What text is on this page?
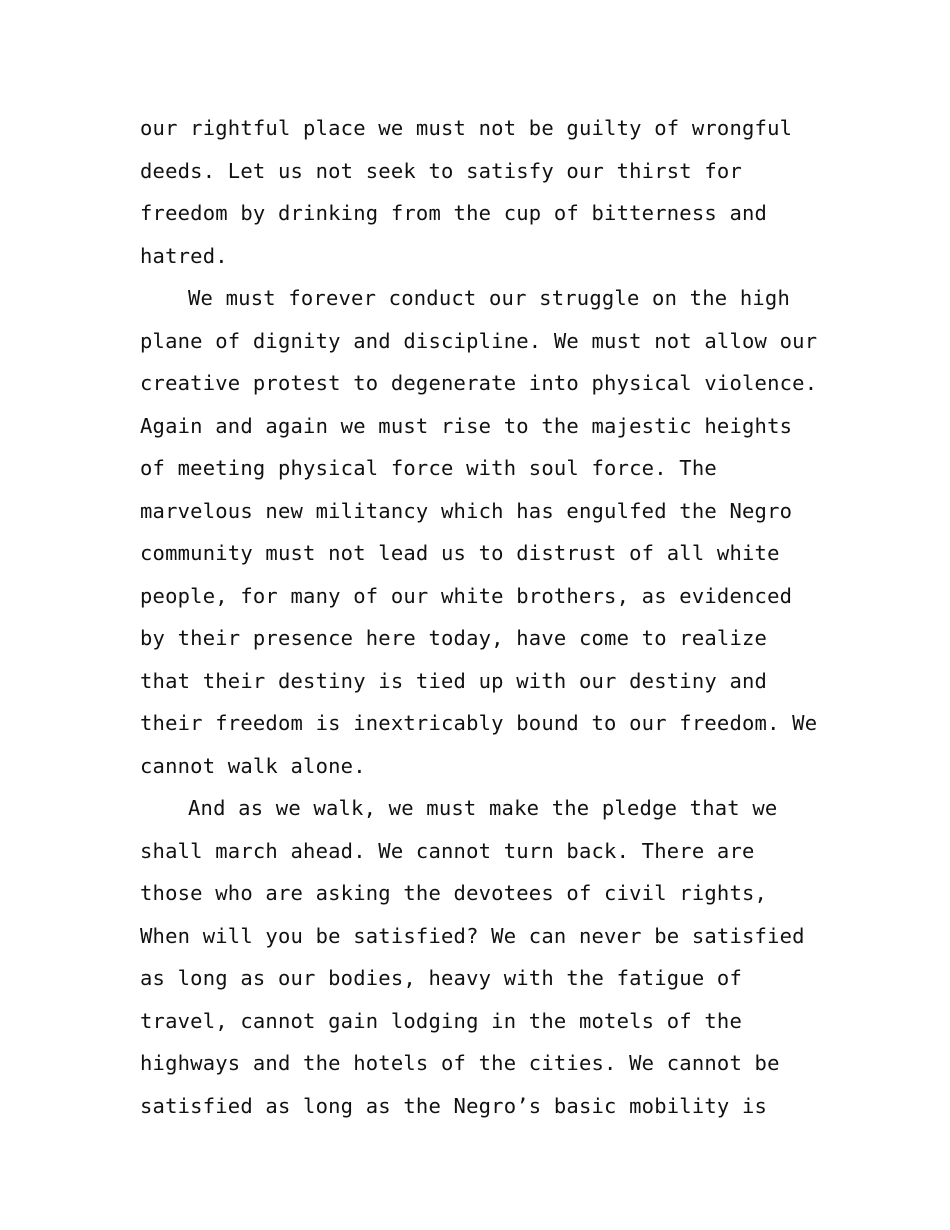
our rightful place we must not be guilty of wrongful
deeds. Let us not seek to satisfy our thirst for
freedom by drinking from the cup of bitterness and
hatred.
We must forever conduct our struggle on the high
plane of dignity and discipline. We must not allow our
creative protest to degenerate into physical violence.
Again and again we must rise to the majestic heights
of meeting physical force with soul force. The
marvelous new militancy which has engulfed the Negro
community must not lead us to distrust of all white
people, for many of our white brothers, as evidenced
by their presence here today, have come to realize
that their destiny is tied up with our destiny and
their freedom is inextricably bound to our freedom. We
cannot walk alone.
And as we walk, we must make the pledge that we
shall march ahead. We cannot turn back. There are
those who are asking the devotees of civil rights,
When will you be satisfied? We can never be satisfied
as long as our bodies, heavy with the fatigue of
travel, cannot gain lodging in the motels of the
highways and the hotels of the cities. We cannot be
satisfied as long as the Negro’s basic mobility is
